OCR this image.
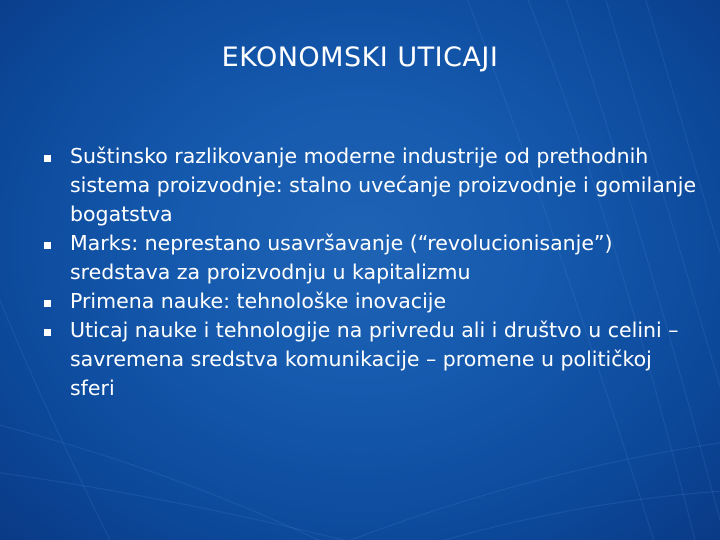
EKONOMSKI UTICAJI
Suštinsko razlikovanje moderne industrije od prethodnih sistema proizvodnje: stalno uvećanje proizvodnje i gomilanje bogatstva
Marks: neprestano usavršavanje (“revolucionisanje”) sredstava za proizvodnju u kapitalizmu
Primena nauke: tehnološke inovacije
Uticaj nauke i tehnologije na privredu ali i društvo u celini – savremena sredstva komunikacije – promene u političkoj sferi
